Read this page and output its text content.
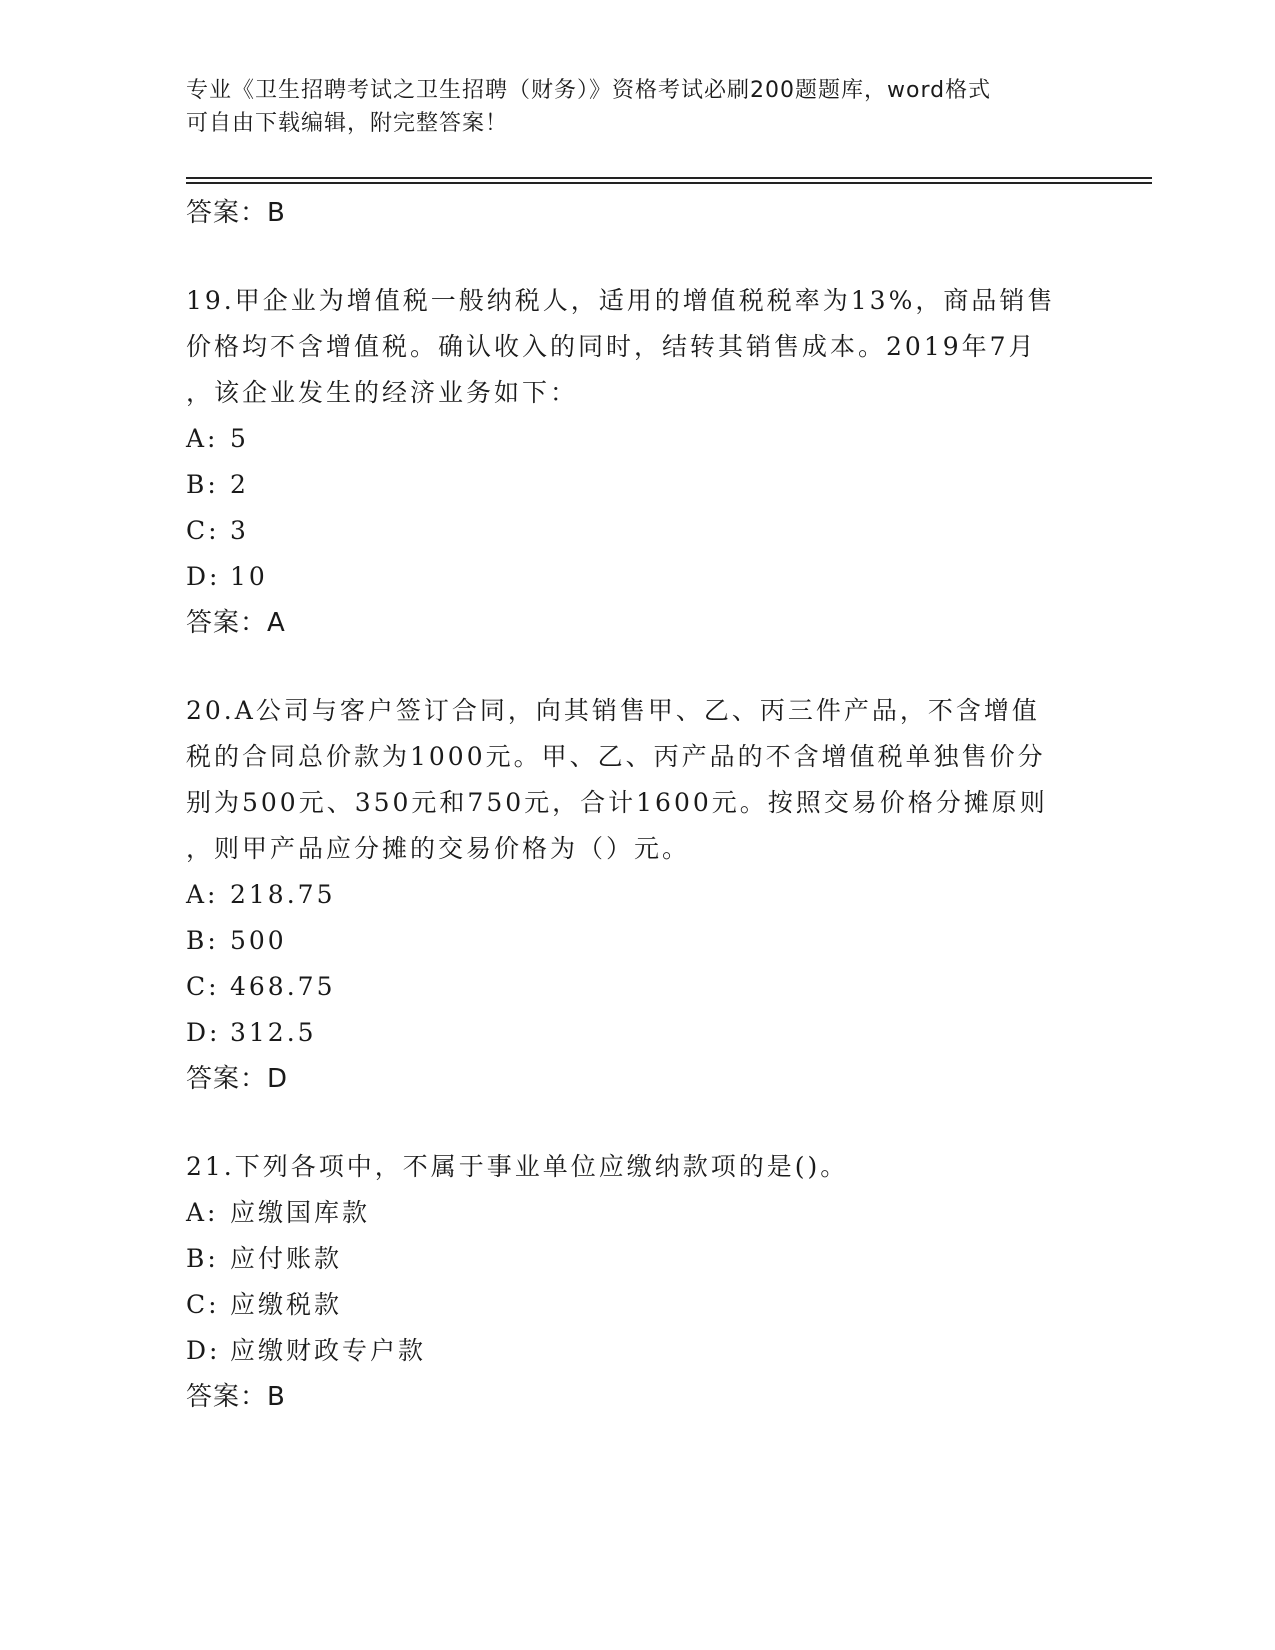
专业《卫生招聘考试之卫生招聘（财务）》资格考试必刷200题题库，word格式
可自由下载编辑，附完整答案！
答案：B
19.甲企业为增值税一般纳税人，适用的增值税税率为13%，商品销售
价格均不含增值税。确认收入的同时，结转其销售成本。2019年7月
，该企业发生的经济业务如下：
A: 5
B: 2
C: 3
D: 10
答案：A
20.A公司与客户签订合同，向其销售甲、乙、丙三件产品，不含增值
税的合同总价款为1000元。甲、乙、丙产品的不含增值税单独售价分
别为500元、350元和750元，合计1600元。按照交易价格分摊原则
，则甲产品应分摊的交易价格为（）元。
A: 218.75
B: 500
C: 468.75
D: 312.5
答案：D
21.下列各项中，不属于事业单位应缴纳款项的是()。
A: 应缴国库款
B: 应付账款
C: 应缴税款
D: 应缴财政专户款
答案：B
